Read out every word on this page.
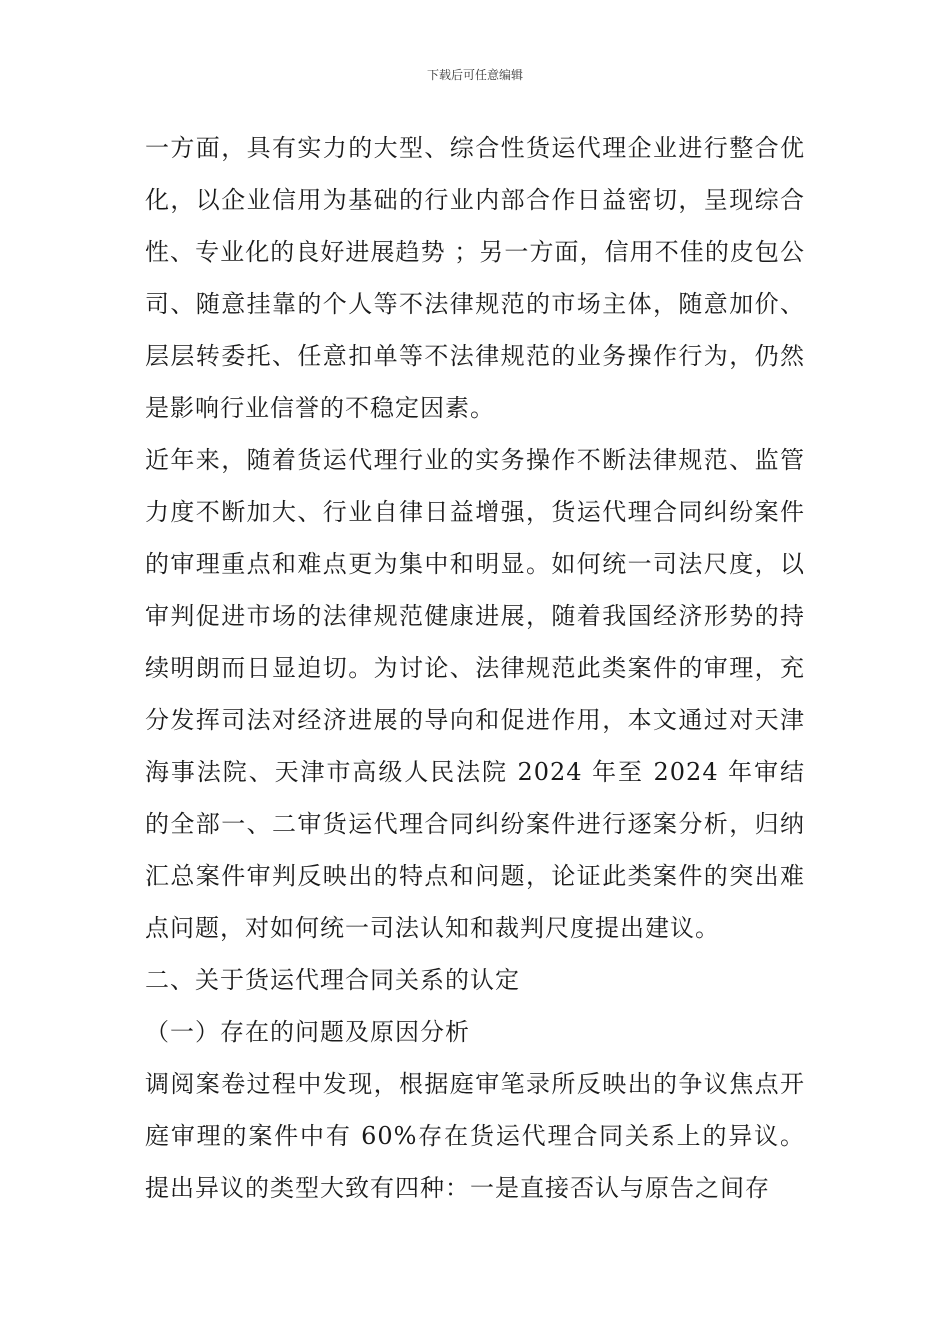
下载后可任意编辑

一方面，具有实力的大型、综合性货运代理企业进行整合优化，以企业信用为基础的行业内部合作日益密切，呈现综合性、专业化的良好进展趋势 ；另一方面，信用不佳的皮包公司、随意挂靠的个人等不法律规范的市场主体，随意加价、层层转委托、任意扣单等不法律规范的业务操作行为，仍然是影响行业信誉的不稳定因素。

近年来，随着货运代理行业的实务操作不断法律规范、监管力度不断加大、行业自律日益增强，货运代理合同纠纷案件的审理重点和难点更为集中和明显。如何统一司法尺度，以审判促进市场的法律规范健康进展，随着我国经济形势的持续明朗而日显迫切。为讨论、法律规范此类案件的审理，充分发挥司法对经济进展的导向和促进作用，本文通过对天津海事法院、天津市高级人民法院 2024 年至 2024 年审结的全部一、二审货运代理合同纠纷案件进行逐案分析，归纳汇总案件审判反映出的特点和问题，论证此类案件的突出难点问题，对如何统一司法认知和裁判尺度提出建议。

二、关于货运代理合同关系的认定

（一）存在的问题及原因分析

调阅案卷过程中发现，根据庭审笔录所反映出的争议焦点开庭审理的案件中有 60%存在货运代理合同关系上的异议。提出异议的类型大致有四种：一是直接否认与原告之间存
